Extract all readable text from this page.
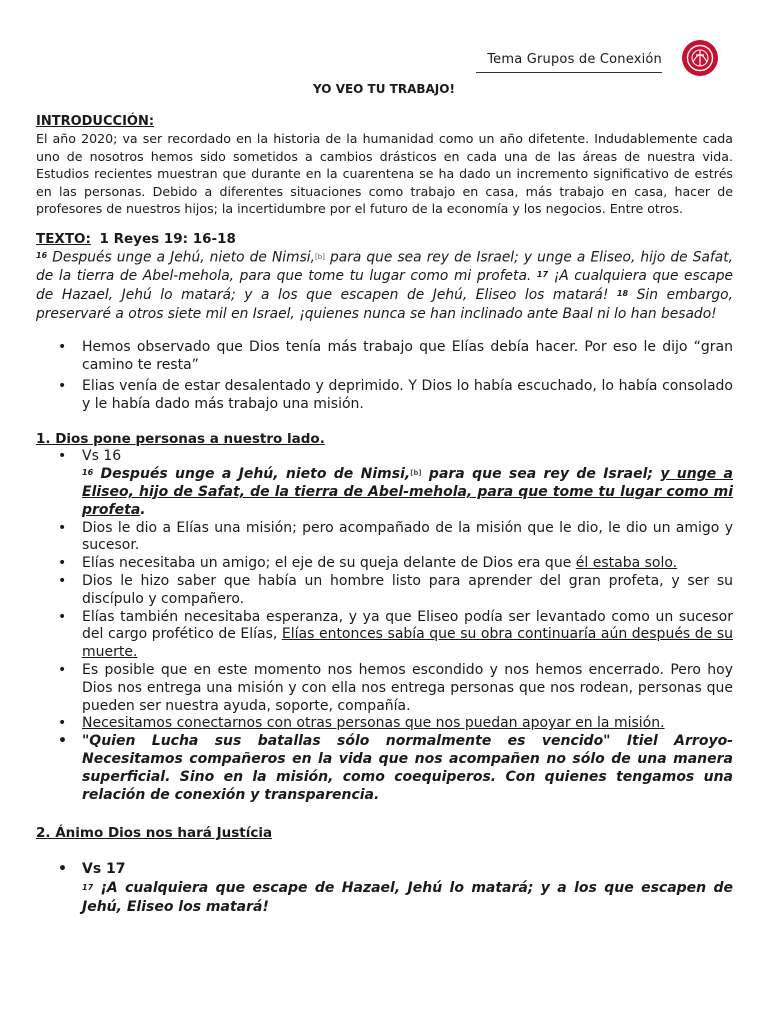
Tema Grupos de Conexión
YO VEO TU TRABAJO!
INTRODUCCIÓN:

El año 2020; va ser recordado en la historia de la humanidad como un año difetente. Indudablemente cada uno de nosotros hemos sido sometidos a cambios drásticos en cada una de las áreas de nuestra vida. Estudios recientes muestran que durante en la cuarentena se ha dado un incremento significativo de estrés en las personas. Debido a diferentes situaciones como trabajo en casa, más trabajo en casa, hacer de profesores de nuestros hijos; la incertidumbre por el futuro de la economía y los negocios. Entre otros.

TEXTO: 1 Reyes 19: 16-18

$^{16}$ Después unge a Jehú, nieto de Nimsi,[b] para que sea rey de Israel; y unge a Eliseo, hijo de Safat, de la tierra de Abel-mehola, para que tome tu lugar como mi profeta. $^{17}$ ¡A cualquiera que escape de Hazael, Jehú lo matará; y a los que escapen de Jehú, Eliseo los matará! $^{18}$ Sin embargo, preservaré a otros siete mil en Israel, ¡quienes nunca se han inclinado ante Baal ni lo han besado!

• Hemos observado que Dios tenía más trabajo que Elías debía hacer. Por eso le dijo “gran camino te resta”
• Elias venía de estar desalentado y deprimido. Y Dios lo había escuchado, lo había consolado y le había dado más trabajo una misión.
1. Dios pone personas a nuestro lado.
• Vs 16
$^{16}$ Después unge a Jehú, nieto de Nimsi,[b] para que sea rey de Israel; y unge a Eliseo, hijo de Safat, de la tierra de Abel-mehola, para que tome tu lugar como mi profeta.
• Dios le dio a Elías una misión; pero acompañado de la misión que le dio, le dio un amigo y sucesor.
• Elías necesitaba un amigo; el eje de su queja delante de Dios era que él estaba solo.
• Dios le hizo saber que había un hombre listo para aprender del gran profeta, y ser su discípulo y compañero.
• Elías también necesitaba esperanza, y ya que Eliseo podía ser levantado como un sucesor del cargo profético de Elías, Elías entonces sabía que su obra continuaría aún después de su muerte.
• Es posible que en este momento nos hemos escondido y nos hemos encerrado. Pero hoy Dios nos entrega una misión y con ella nos entrega personas que nos rodean, personas que pueden ser nuestra ayuda, soporte, compañía.
• Necesitamos conectarnos con otras personas que nos puedan apoyar en la misión.
• "Quien Lucha sus batallas sólo normalmente es vencido" Itiel Arroyo- Necesitamos compañeros en la vida que nos acompañen no sólo de una manera superficial. Sino en la misión, como coequiperos. Con quienes tengamos una relación de conexión y transparencia.
2. Ánimo Dios nos hará Justícia
• Vs 17
$^{17}$ ¡A cualquiera que escape de Hazael, Jehú lo matará; y a los que escapen de Jehú, Eliseo los matará!
